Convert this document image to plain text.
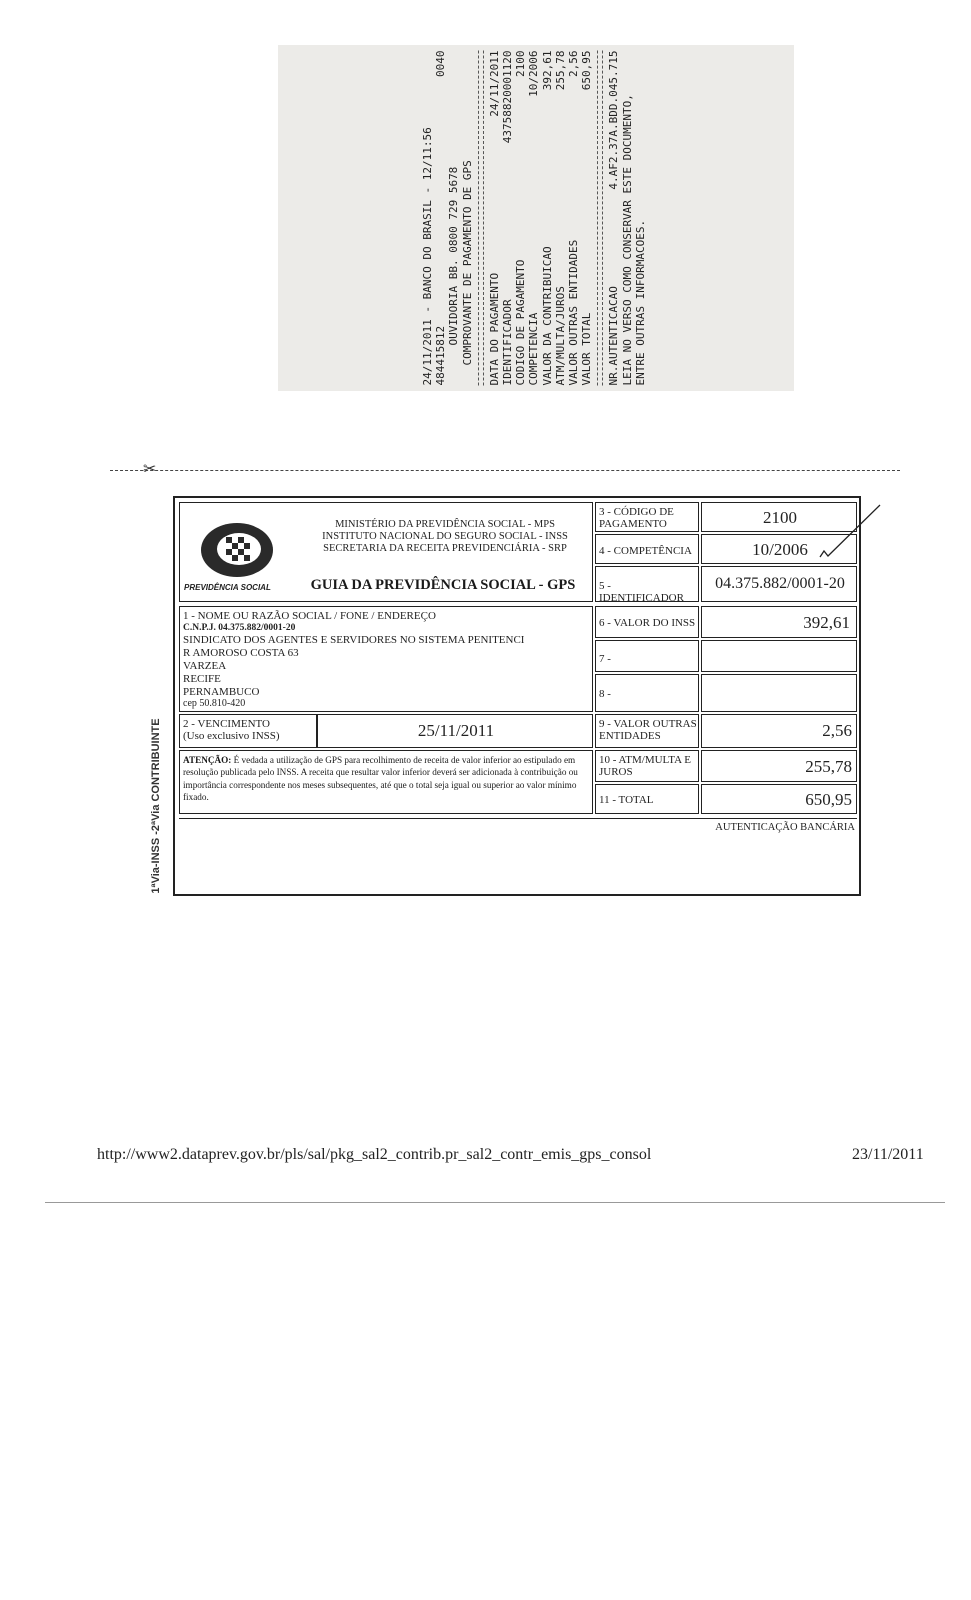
24/11/2011 - BANCO DO BRASIL - 12/11:56 484415812
0040
OUVIDORIA BB. 0800 729 5678 COMPROVANTE DE PAGAMENTO DE GPS DATA DO PAGAMENTO
24/11/2011
IDENTIFICADOR
43758820001120
CODIGO DE PAGAMENTO
2100
COMPETENCIA
10/2006
VALOR DA CONTRIBUICAO
392,61
ATM/MULTA/JUROS
255,78
VALOR OUTRAS ENTIDADES
2,56
VALOR TOTAL
650,95
NR.AUTENTICACAO
4.AF2.37A.BDD.045.715 LEIA NO VERSO COMO CONSERVAR ESTE DOCUMENTO, ENTRE OUTRAS INFORMACOES.
✂
PREVIDÊNCIA SOCIAL
MINISTÉRIO DA PREVIDÊNCIA SOCIAL - MPS
INSTITUTO NACIONAL DO SEGURO SOCIAL - INSS
SECRETARIA DA RECEITA PREVIDENCIÁRIA - SRP
GUIA DA PREVIDÊNCIA SOCIAL - GPS
1 - NOME OU RAZÃO SOCIAL / FONE / ENDEREÇO
C.N.P.J. 04.375.882/0001-20
SINDICATO DOS AGENTES E SERVIDORES NO SISTEMA PENITENCI
R AMOROSO COSTA 63
VARZEA
RECIFE
PERNAMBUCO
cep 50.810-420
2 - VENCIMENTO
(Uso exclusivo INSS)	25/11/2011
ATENÇÃO: É vedada a utilização de GPS para recolhimento de receita de valor inferior ao estipulado em resolução publicada pelo INSS. A receita que resultar valor inferior deverá ser adicionada à contribuição ou importância correspondente nos meses subsequentes, até que o total seja igual ou superior ao valor mínimo fixado.
3 - CÓDIGO DE PAGAMENTO
4 - COMPETÊNCIA
5 - IDENTIFICADOR
6 - VALOR DO INSS
7 -
8 -
9 - VALOR OUTRAS ENTIDADES
10 - ATM/MULTA E JUROS
11 - TOTAL
2100
10/2006
04.375.882/0001-20
392,61
2,56
255,78
650,95
AUTENTICAÇÃO BANCÁRIA
1ªVia-INSS -2ªVia CONTRIBUINTE
http://www2.dataprev.gov.br/pls/sal/pkg_sal2_contrib.pr_sal2_contr_emis_gps_consol	23/11/2011
